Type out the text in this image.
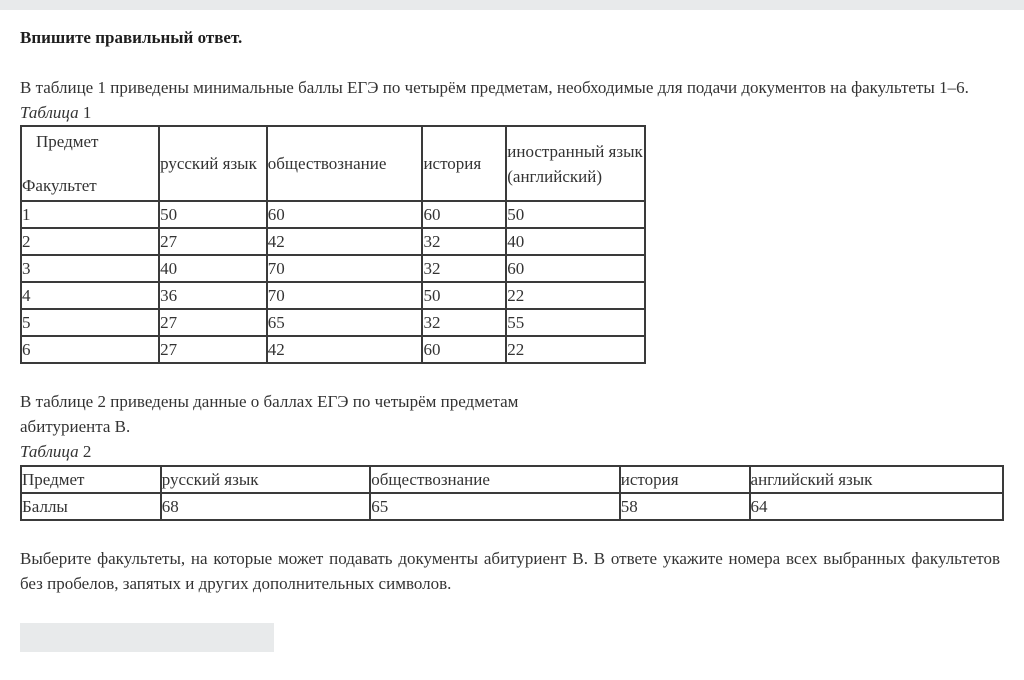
Впишите правильный ответ.

В таблице 1 приведены минимальные баллы ЕГЭ по четырём предметам, необходимые для подачи документов на факультеты 1–6.

Таблица 1
Предмет
Факультет	русский язык	обществознание	история	иностранный язык (английский)
1	50	60	60	50
2	27	42	32	40
3	40	70	32	60
4	36	70	50	22
5	27	65	32	55
6	27	42	60	22

В таблице 2 приведены данные о баллах ЕГЭ по четырём предметам

абитуриента В.

Таблица 2
Предмет	русский язык	обществознание	история	английский язык
Баллы	68	65	58	64

Выберите факультеты, на которые может подавать документы абитуриент В. В ответе укажите номера всех выбранных факультетов без пробелов, запятых и других дополнительных символов.
